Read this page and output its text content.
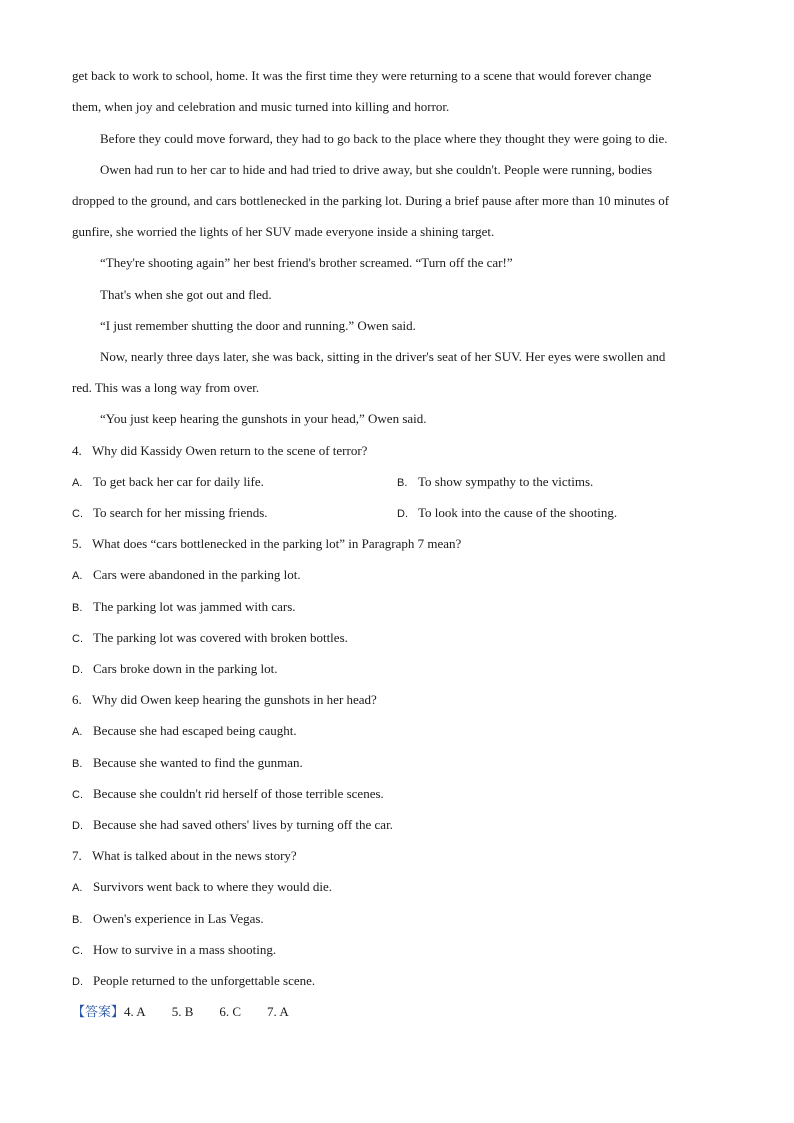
get back to work to school, home. It was the first time they were returning to a scene that would forever change
them, when joy and celebration and music turned into killing and horror.
Before they could move forward, they had to go back to the place where they thought they were going to die.
Owen had run to her car to hide and had tried to drive away, but she couldn't. People were running, bodies
dropped to the ground, and cars bottlenecked in the parking lot. During a brief pause after more than 10 minutes of
gunfire, she worried the lights of her SUV made everyone inside a shining target.
“They're shooting again” her best friend's brother screamed. “Turn off the car!”
That's when she got out and fled.
“I just remember shutting the door and running.” Owen said.
Now, nearly three days later, she was back, sitting in the driver's seat of her SUV. Her eyes were swollen and
red. This was a long way from over.
“You just keep hearing the gunshots in your head,” Owen said.
4. Why did Kassidy Owen return to the scene of terror?
A. To get back her car for daily life.	B. To show sympathy to the victims.
C. To search for her missing friends.	D. To look into the cause of the shooting.
5. What does “cars bottlenecked in the parking lot” in Paragraph 7 mean?
A. Cars were abandoned in the parking lot.
B. The parking lot was jammed with cars.
C. The parking lot was covered with broken bottles.
D. Cars broke down in the parking lot.
6. Why did Owen keep hearing the gunshots in her head?
A. Because she had escaped being caught.
B. Because she wanted to find the gunman.
C. Because she couldn't rid herself of those terrible scenes.
D. Because she had saved others' lives by turning off the car.
7. What is talked about in the news story?
A. Survivors went back to where they would die.
B. Owen's experience in Las Vegas.
C. How to survive in a mass shooting.
D. People returned to the unforgettable scene.
【答案】4. A 5. B 6. C 7. A
